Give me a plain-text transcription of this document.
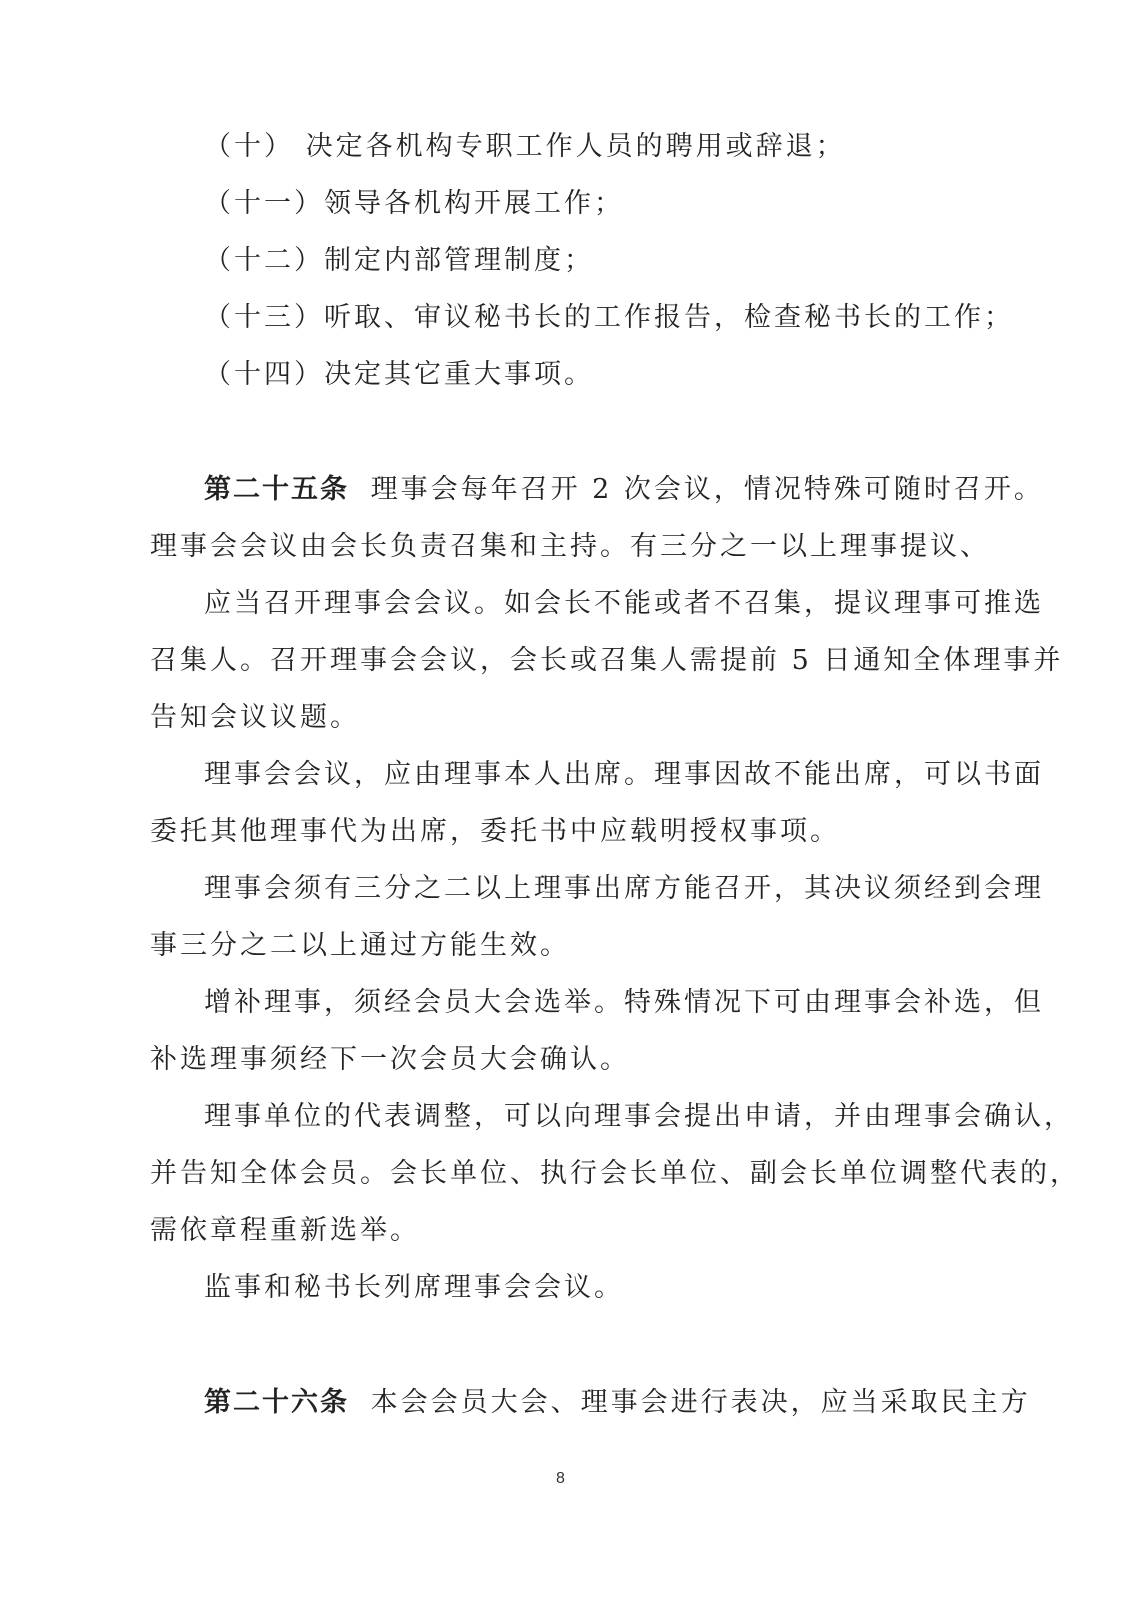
（十） 决定各机构专职工作人员的聘用或辞退；
（十一）领导各机构开展工作；
（十二）制定内部管理制度；
（十三）听取、审议秘书长的工作报告，检查秘书长的工作；
（十四）决定其它重大事项。
第二十五条 理事会每年召开 2 次会议，情况特殊可随时召开。
理事会会议由会长负责召集和主持。有三分之一以上理事提议、
应当召开理事会会议。如会长不能或者不召集，提议理事可推选
召集人。召开理事会会议，会长或召集人需提前 5 日通知全体理事并
告知会议议题。
理事会会议，应由理事本人出席。理事因故不能出席，可以书面
委托其他理事代为出席，委托书中应载明授权事项。
理事会须有三分之二以上理事出席方能召开，其决议须经到会理
事三分之二以上通过方能生效。
增补理事，须经会员大会选举。特殊情况下可由理事会补选，但
补选理事须经下一次会员大会确认。
理事单位的代表调整，可以向理事会提出申请，并由理事会确认，
并告知全体会员。会长单位、执行会长单位、副会长单位调整代表的，
需依章程重新选举。
监事和秘书长列席理事会会议。
第二十六条 本会会员大会、理事会进行表决，应当采取民主方
8
